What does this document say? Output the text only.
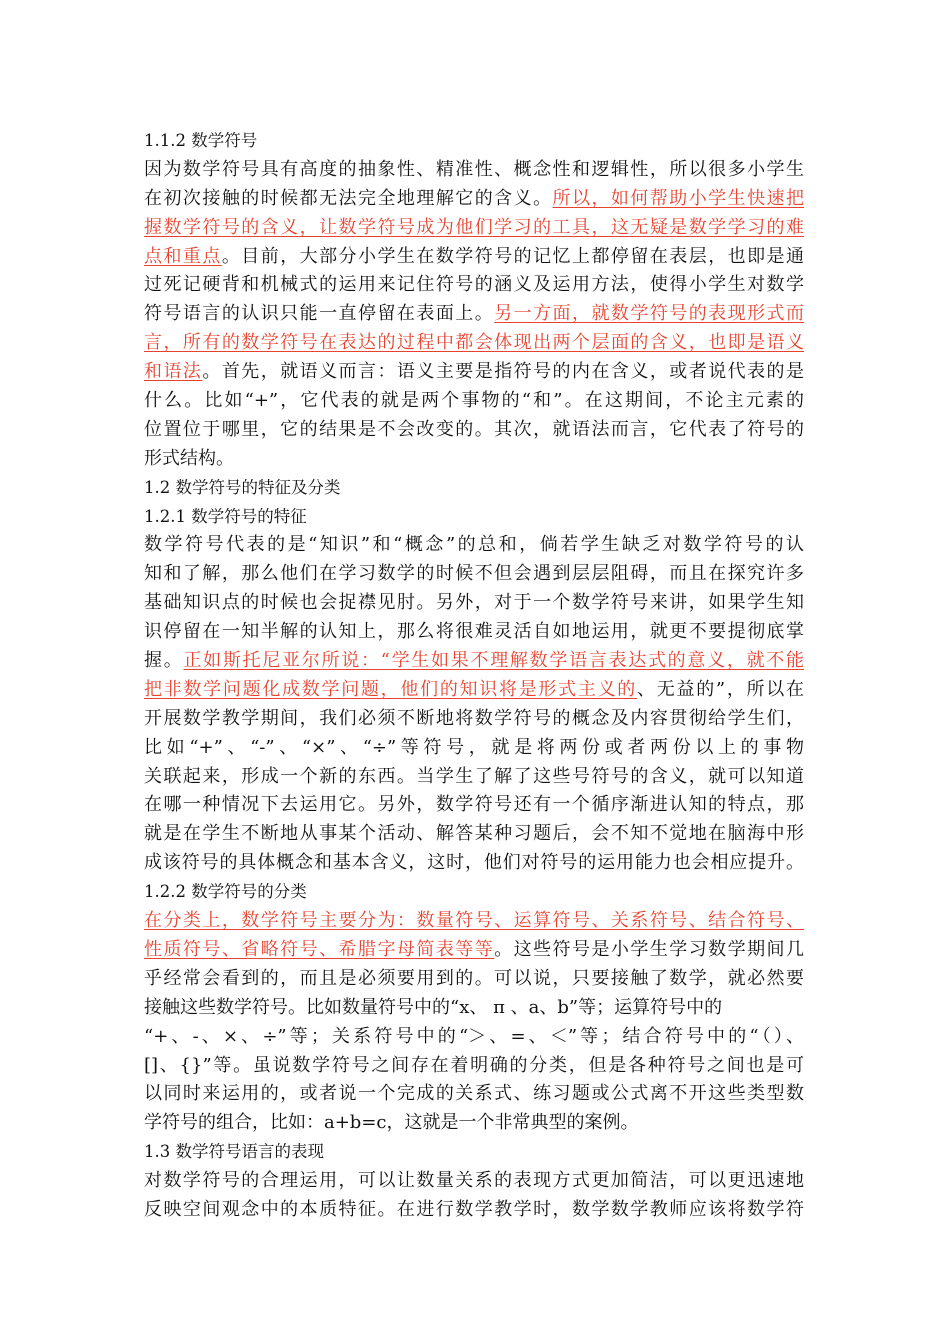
1.1.2 数学符号
因为数学符号具有高度的抽象性、精准性、概念性和逻辑性，所以很多小学生
在初次接触的时候都无法完全地理解它的含义。所以，如何帮助小学生快速把
握数学符号的含义，让数学符号成为他们学习的工具，这无疑是数学学习的难
点和重点。目前，大部分小学生在数学符号的记忆上都停留在表层，也即是通
过死记硬背和机械式的运用来记住符号的涵义及运用方法，使得小学生对数学
符号语言的认识只能一直停留在表面上。另一方面，就数学符号的表现形式而
言，所有的数学符号在表达的过程中都会体现出两个层面的含义，也即是语义
和语法。首先，就语义而言：语义主要是指符号的内在含义，或者说代表的是
什么。比如“+”，它代表的就是两个事物的“和”。在这期间，不论主元素的
位置位于哪里，它的结果是不会改变的。其次，就语法而言，它代表了符号的
形式结构。
1.2 数学符号的特征及分类
1.2.1 数学符号的特征
数学符号代表的是“知识”和“概念”的总和，倘若学生缺乏对数学符号的认
知和了解，那么他们在学习数学的时候不但会遇到层层阻碍，而且在探究许多
基础知识点的时候也会捉襟见肘。另外，对于一个数学符号来讲，如果学生知
识停留在一知半解的认知上，那么将很难灵活自如地运用，就更不要提彻底掌
握。正如斯托尼亚尔所说：“学生如果不理解数学语言表达式的意义，就不能
把非数学问题化成数学问题，他们的知识将是形式主义的、无益的”，所以在
开展数学教学期间，我们必须不断地将数学符号的概念及内容贯彻给学生们，
比如“+”、“-”、“×”、“÷”等符号，就是将两份或者两份以上的事物
关联起来，形成一个新的东西。当学生了解了这些号符号的含义，就可以知道
在哪一种情况下去运用它。另外，数学符号还有一个循序渐进认知的特点，那
就是在学生不断地从事某个活动、解答某种习题后，会不知不觉地在脑海中形
成该符号的具体概念和基本含义，这时，他们对符号的运用能力也会相应提升。
1.2.2 数学符号的分类
在分类上，数学符号主要分为：数量符号、运算符号、关系符号、结合符号、
性质符号、省略符号、希腊字母简表等等。这些符号是小学生学习数学期间几
乎经常会看到的，而且是必须要用到的。可以说，只要接触了数学，就必然要
接触这些数学符号。比如数量符号中的“x、 π 、a、b”等；运算符号中的
“+、-、×、÷”等；关系符号中的“＞、=、＜”等；结合符号中的“（）、
[]、{}”等。虽说数学符号之间存在着明确的分类，但是各种符号之间也是可
以同时来运用的，或者说一个完成的关系式、练习题或公式离不开这些类型数
学符号的组合，比如：a+b=c，这就是一个非常典型的案例。
1.3 数学符号语言的表现
对数学符号的合理运用，可以让数量关系的表现方式更加简洁，可以更迅速地
反映空间观念中的本质特征。在进行数学教学时，数学数学教师应该将数学符
